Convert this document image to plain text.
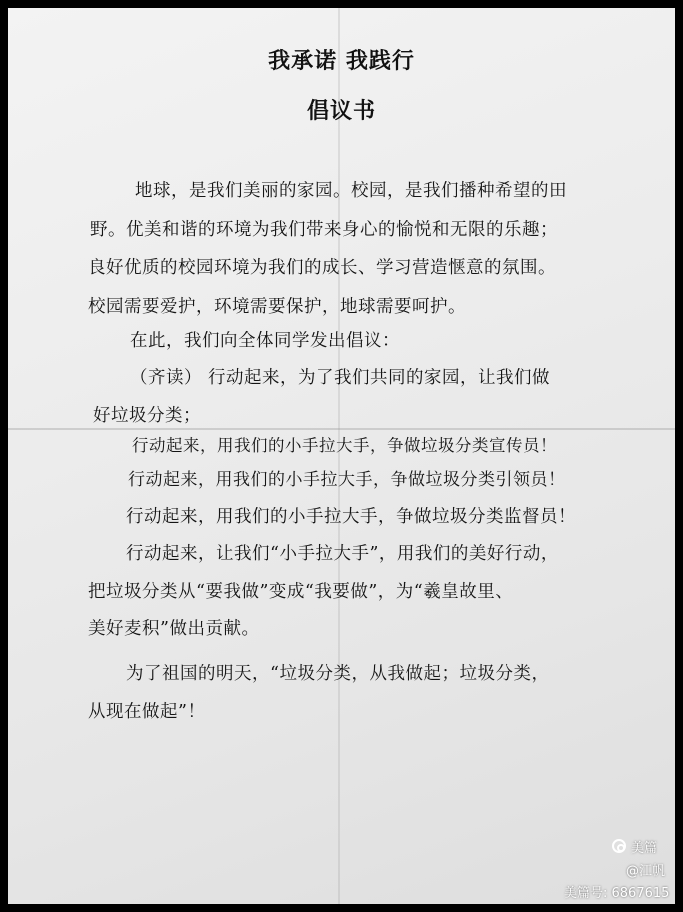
我承诺 我践行
倡议书
地球，是我们美丽的家园。校园，是我们播种希望的田
野。优美和谐的环境为我们带来身心的愉悦和无限的乐趣；
良好优质的校园环境为我们的成长、学习营造惬意的氛围。
校园需要爱护，环境需要保护，地球需要呵护。
在此，我们向全体同学发出倡议：
（齐读） 行动起来，为了我们共同的家园，让我们做
好垃圾分类；
行动起来，用我们的小手拉大手，争做垃圾分类宣传员！
行动起来，用我们的小手拉大手，争做垃圾分类引领员！
行动起来，用我们的小手拉大手，争做垃圾分类监督员！
行动起来，让我们“小手拉大手”，用我们的美好行动，
把垃圾分类从“要我做”变成“我要做”，为“羲皇故里、
美好麦积”做出贡献。
为了祖国的明天，“垃圾分类，从我做起；垃圾分类，
从现在做起”！
美篇
@江帆
美篇号: 6867615
